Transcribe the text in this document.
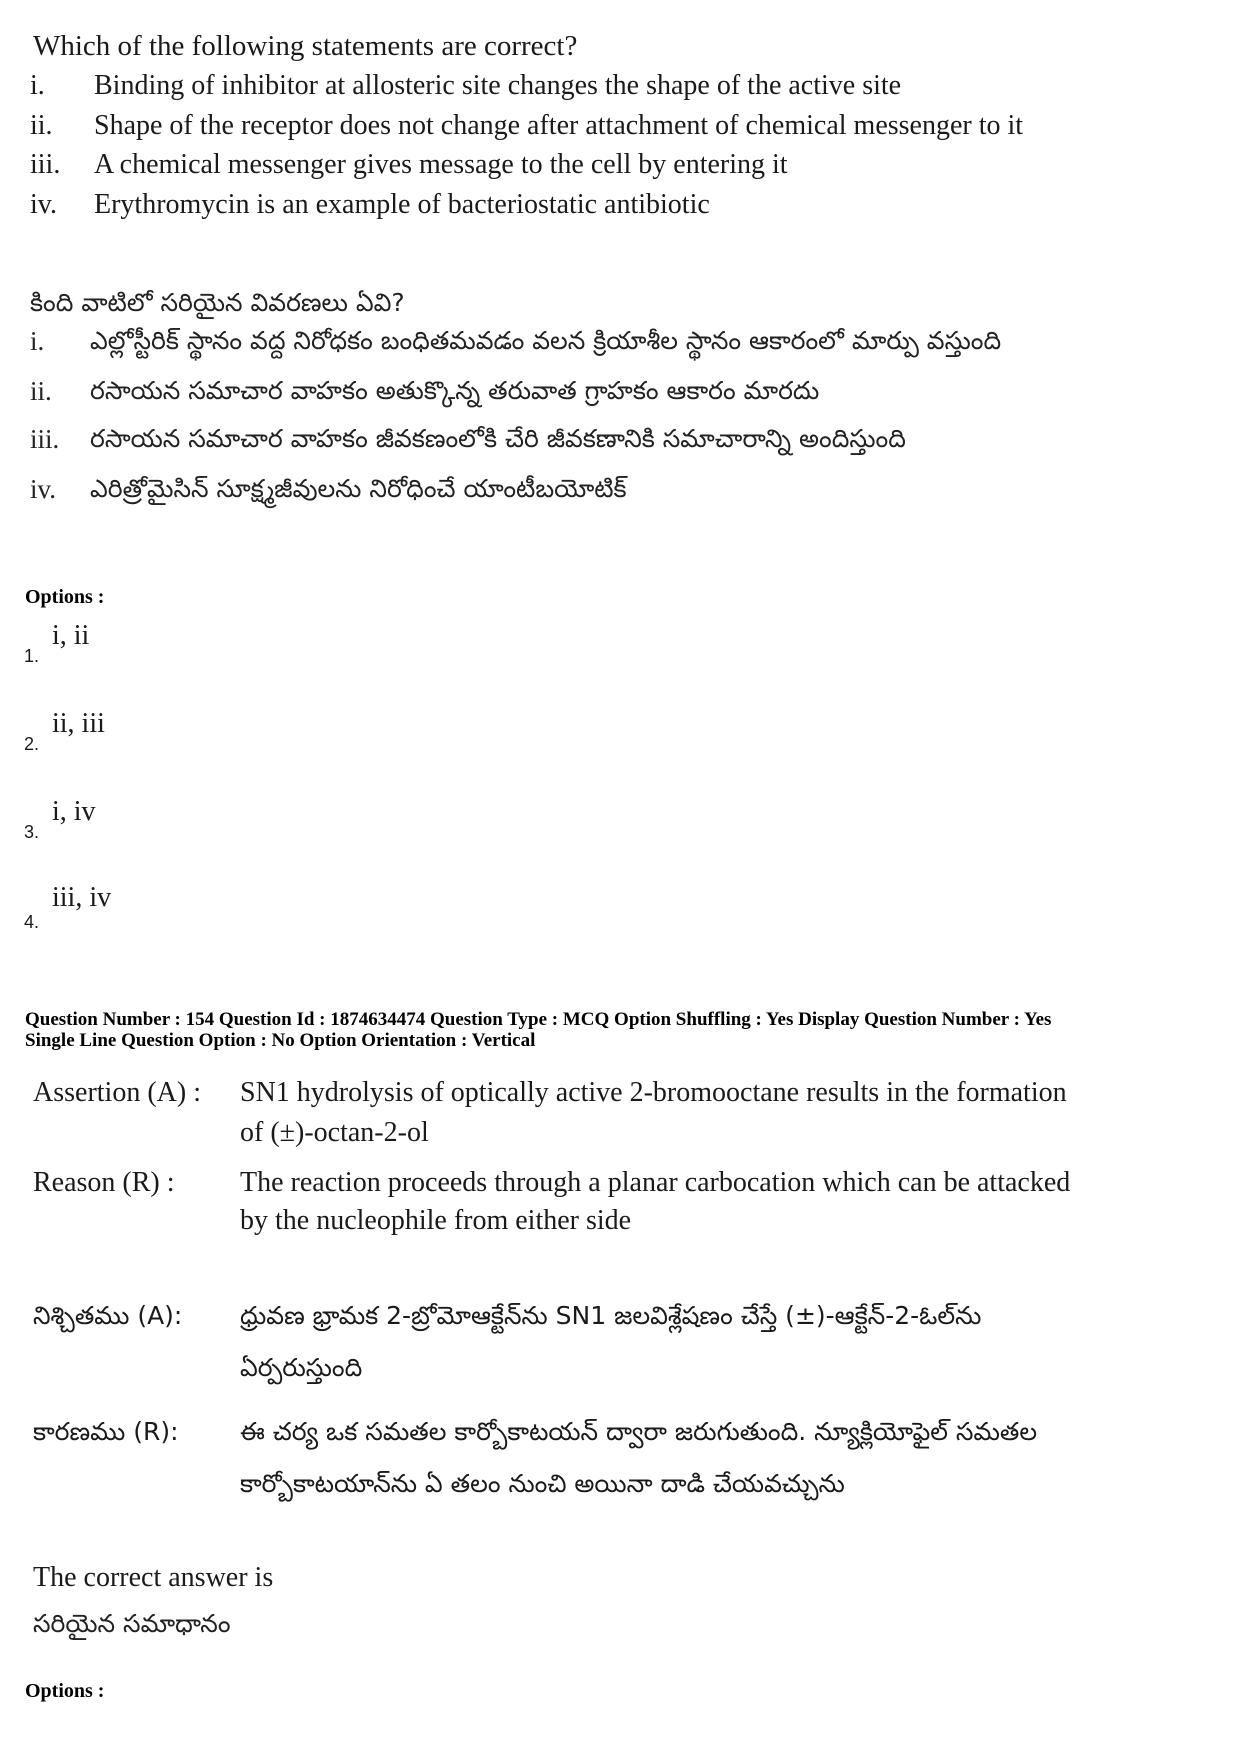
Which of the following statements are correct?
i. Binding of inhibitor at allosteric site changes the shape of the active site
ii. Shape of the receptor does not change after attachment of chemical messenger to it
iii. A chemical messenger gives message to the cell by entering it
iv. Erythromycin is an example of bacteriostatic antibiotic
కింది వాటిలో సరియైన వివరణలు ఏవి?
i. ఎల్లోస్టీరిక్ స్థానం వద్ద నిరోధకం బంధితమవడం వలన క్రియాశీల స్థానం ఆకారంలో మార్పు వస్తుంది
ii. రసాయన సమాచార వాహకం అతుక్కొన్న తరువాత గ్రాహకం ఆకారం మారదు
iii. రసాయన సమాచార వాహకం జీవకణంలోకి చేరి జీవకణానికి సమాచారాన్ని అందిస్తుంది
iv. ఎరిత్రోమైసిన్ సూక్ష్మజీవులను నిరోధించే యాంటీబయోటిక్
Options :
1.
i, ii
2.
ii, iii
3.
i, iv
4.
iii, iv
Question Number : 154 Question Id : 1874634474 Question Type : MCQ Option Shuffling : Yes Display Question Number : Yes
Single Line Question Option : No Option Orientation : Vertical
Assertion (A) : SN1 hydrolysis of optically active 2-bromooctane results in the formation
of (±)-octan-2-ol
Reason (R) : The reaction proceeds through a planar carbocation which can be attacked
by the nucleophile from either side
నిశ్చితము (A): ధ్రువణ భ్రామక 2-బ్రోమోఆక్టేన్‌ను SN1 జలవిశ్లేషణం చేస్తే (±)-ఆక్టేన్-2-ఓల్‌ను
ఏర్పరుస్తుంది
కారణము (R): ఈ చర్య ఒక సమతల కార్బోకాటయన్ ద్వారా జరుగుతుంది. న్యూక్లియోఫైల్ సమతల
కార్బోకాటయాన్‌ను ఏ తలం నుంచి అయినా దాడి చేయవచ్చును
The correct answer is
సరియైన సమాధానం
Options :
